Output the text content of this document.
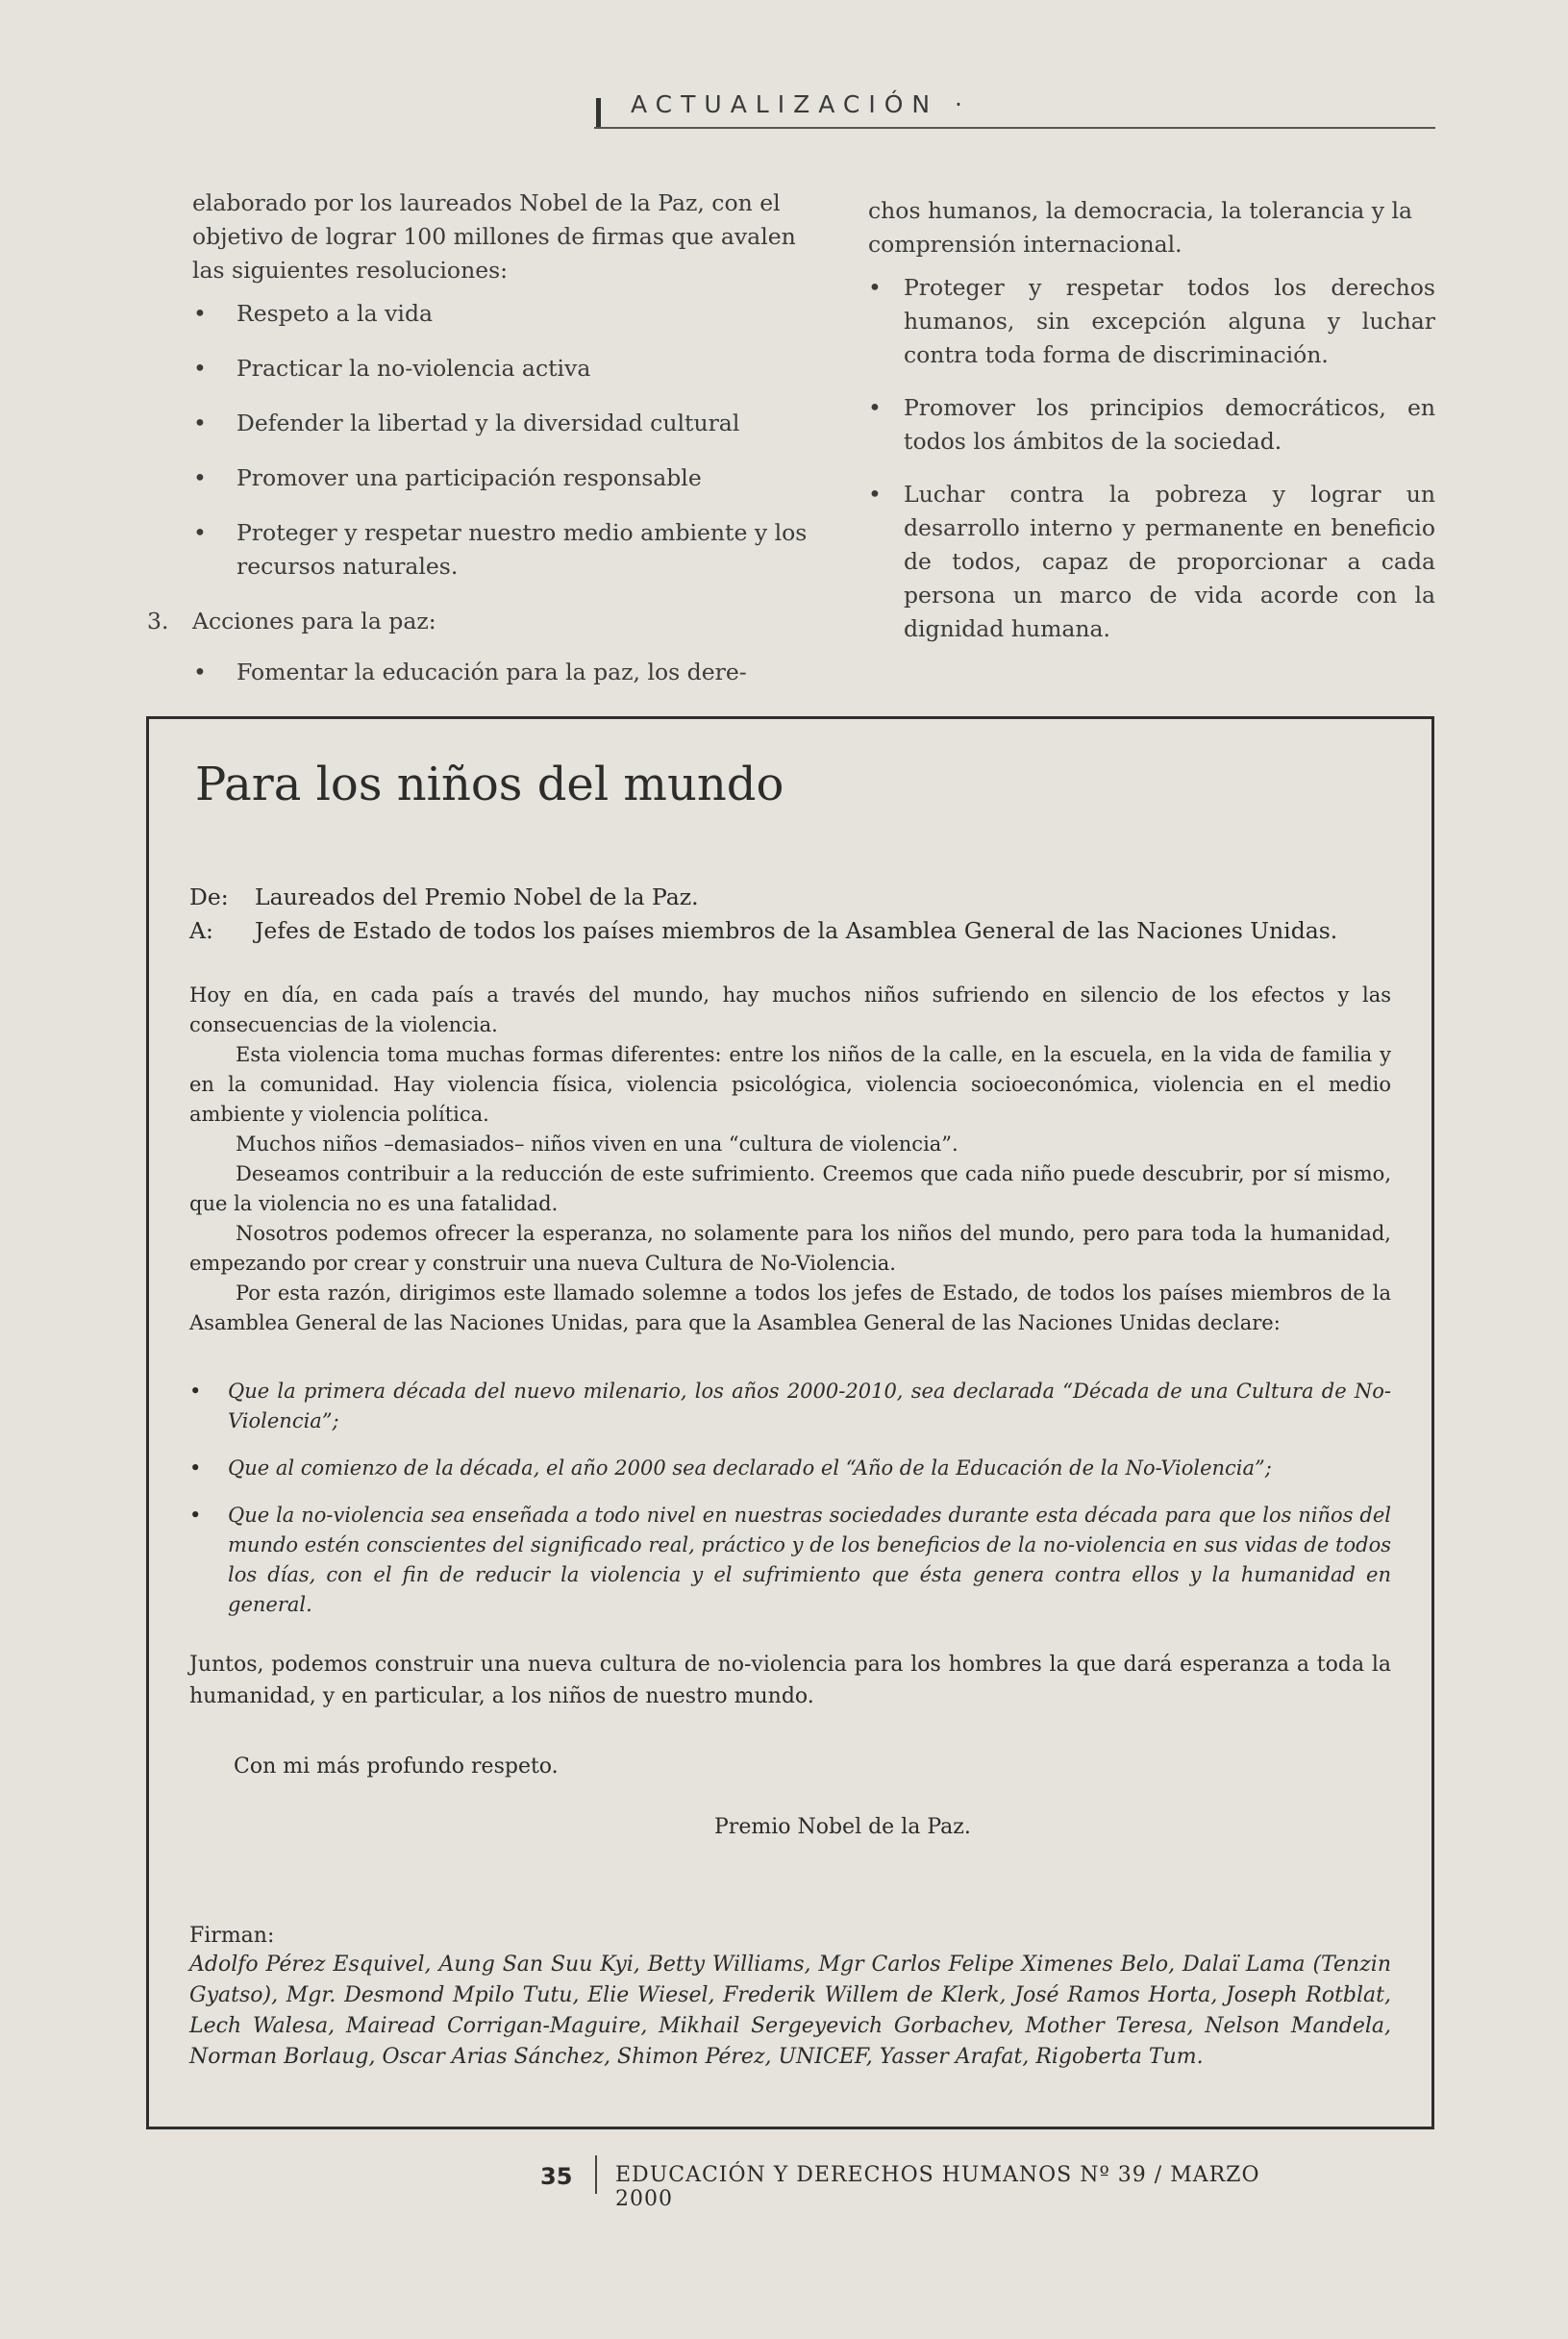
ACTUALIZACIÓN ·

elaborado por los laureados Nobel de la Paz, con el objetivo de lograr 100 millones de firmas que avalen las siguientes resoluciones:

• Respeto a la vida
• Practicar la no-violencia activa
• Defender la libertad y la diversidad cultural
• Promover una participación responsable
• Proteger y respetar nuestro medio ambiente y los recursos naturales.
3. Acciones para la paz:
• Fomentar la educación para la paz, los dere-

chos humanos, la democracia, la tolerancia y la comprensión internacional.

• Proteger y respetar todos los derechos humanos, sin excepción alguna y luchar contra toda forma de discriminación.
• Promover los principios democráticos, en todos los ámbitos de la sociedad.
• Luchar contra la pobreza y lograr un desarrollo interno y permanente en beneficio de todos, capaz de proporcionar a cada persona un marco de vida acorde con la dignidad humana.
Para los niños del mundo
De:	Laureados del Premio Nobel de la Paz.
A:	Jefes de Estado de todos los países miembros de la Asamblea General de las Naciones Unidas.

Hoy en día, en cada país a través del mundo, hay muchos niños sufriendo en silencio de los efectos y las consecuencias de la violencia.

Esta violencia toma muchas formas diferentes: entre los niños de la calle, en la escuela, en la vida de familia y en la comunidad. Hay violencia física, violencia psicológica, violencia socioeconómica, violencia en el medio ambiente y violencia política.

Muchos niños –demasiados– niños viven en una “cultura de violencia”.

Deseamos contribuir a la reducción de este sufrimiento. Creemos que cada niño puede descubrir, por sí mismo, que la violencia no es una fatalidad.

Nosotros podemos ofrecer la esperanza, no solamente para los niños del mundo, pero para toda la humanidad, empezando por crear y construir una nueva Cultura de No-Violencia.

Por esta razón, dirigimos este llamado solemne a todos los jefes de Estado, de todos los países miembros de la Asamblea General de las Naciones Unidas, para que la Asamblea General de las Naciones Unidas declare:

• Que la primera década del nuevo milenario, los años 2000-2010, sea declarada “Década de una Cultura de No-Violencia”;
• Que al comienzo de la década, el año 2000 sea declarado el “Año de la Educación de la No-Violencia”;
• Que la no-violencia sea enseñada a todo nivel en nuestras sociedades durante esta década para que los niños del mundo estén conscientes del significado real, práctico y de los beneficios de la no-violencia en sus vidas de todos los días, con el fin de reducir la violencia y el sufrimiento que ésta genera contra ellos y la humanidad en general.
Juntos, podemos construir una nueva cultura de no-violencia para los hombres la que dará esperanza a toda la humanidad, y en particular, a los niños de nuestro mundo.
Con mi más profundo respeto.
Premio Nobel de la Paz.
Firman:
Adolfo Pérez Esquivel, Aung San Suu Kyi, Betty Williams, Mgr Carlos Felipe Ximenes Belo, Dalaï Lama (Tenzin Gyatso), Mgr. Desmond Mpilo Tutu, Elie Wiesel, Frederik Willem de Klerk, José Ramos Horta, Joseph Rotblat, Lech Walesa, Mairead Corrigan-Maguire, Mikhail Sergeyevich Gorbachev, Mother Teresa, Nelson Mandela, Norman Borlaug, Oscar Arias Sánchez, Shimon Pérez, UNICEF, Yasser Arafat, Rigoberta Tum.
35 EDUCACIÓN Y DERECHOS HUMANOS Nº 39 / MARZO 2000
